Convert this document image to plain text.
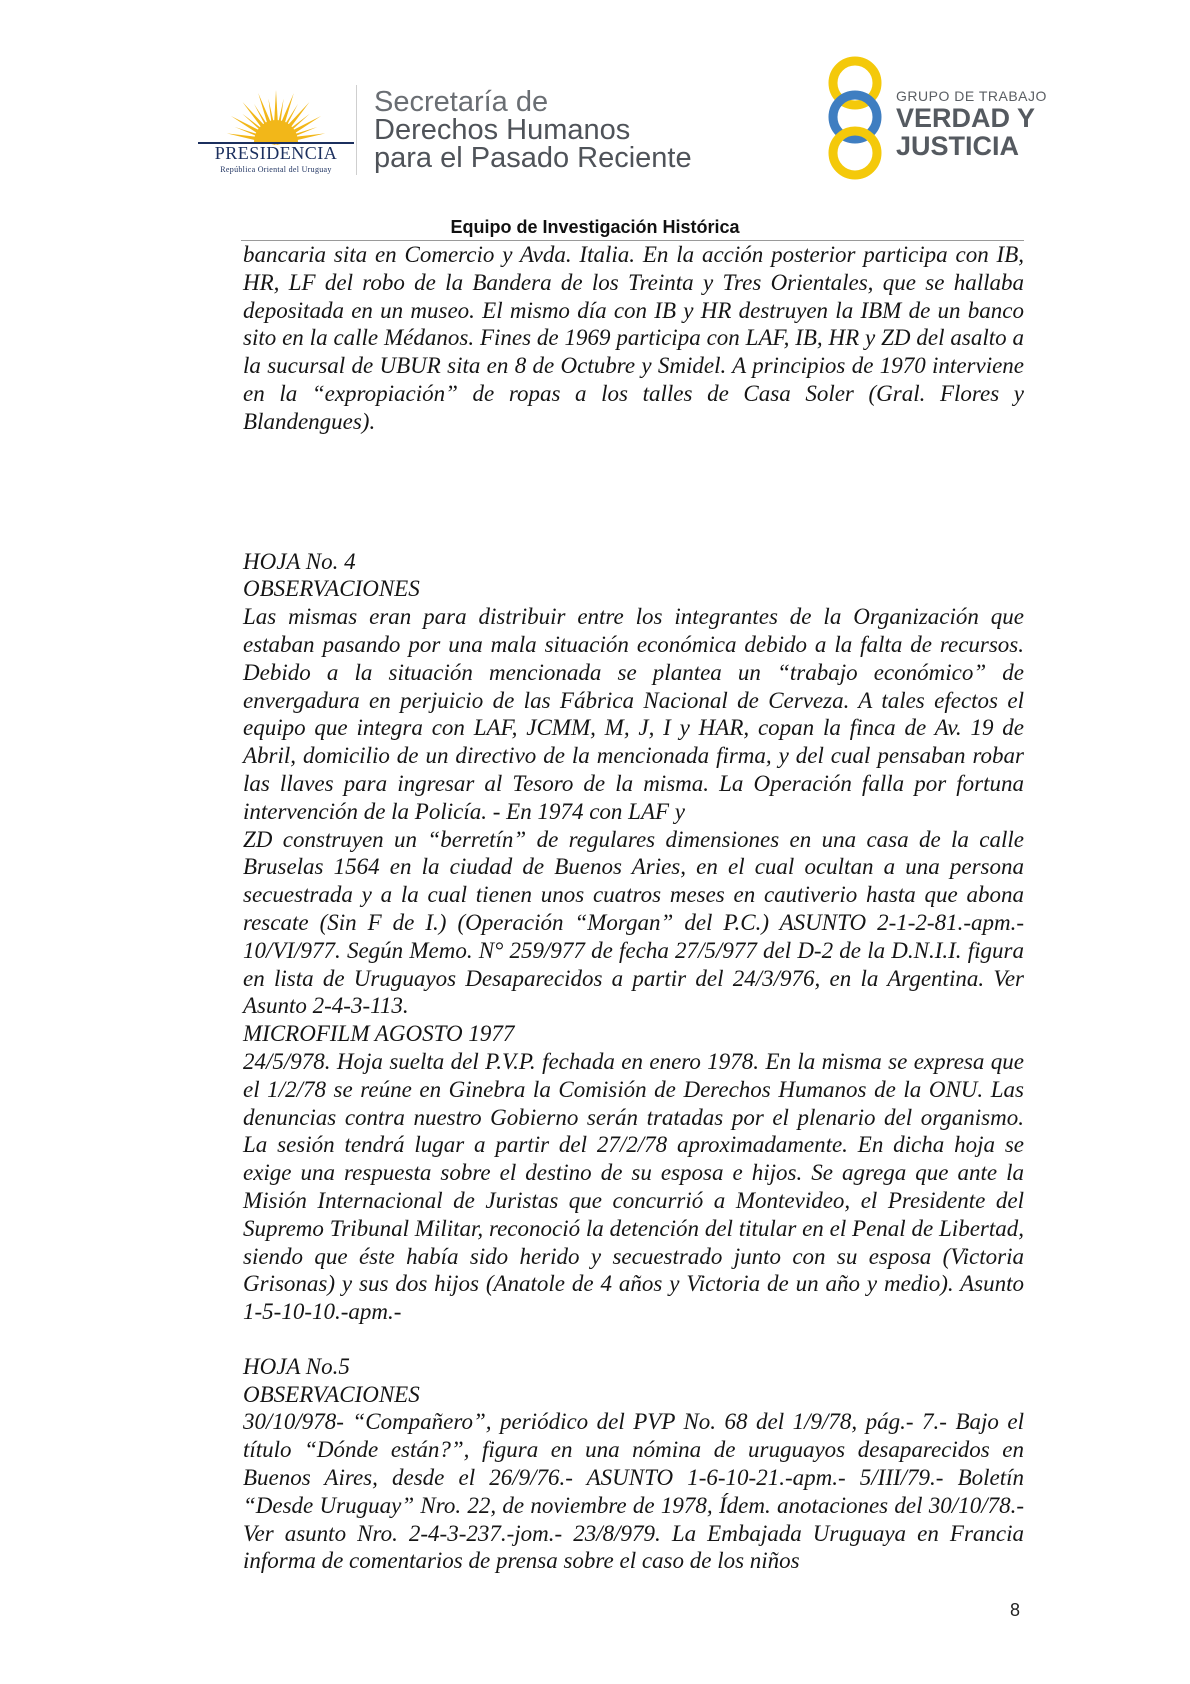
PRESIDENCIA
República Oriental del Uruguay
Secretaría de
Derechos Humanos
para el Pasado Reciente
GRUPO DE TRABAJO
VERDAD Y
JUSTICIA
Equipo de Investigación Histórica

bancaria sita en Comercio y Avda. Italia. En la acción posterior participa con IB, HR, LF del robo de la Bandera de los Treinta y Tres Orientales, que se hallaba depositada en un museo. El mismo día con IB y HR destruyen la IBM de un banco sito en la calle Médanos. Fines de 1969 participa con LAF, IB, HR y ZD del asalto a la sucursal de UBUR sita en 8 de Octubre y Smidel. A principios de 1970 interviene en la “expropiación” de ropas a los talles de Casa Soler (Gral. Flores y Blandengues).

HOJA No. 4

OBSERVACIONES

Las mismas eran para distribuir entre los integrantes de la Organización que estaban pasando por una mala situación económica debido a la falta de recursos. Debido a la situación mencionada se plantea un “trabajo económico” de envergadura en perjuicio de las Fábrica Nacional de Cerveza. A tales efectos el equipo que integra con LAF, JCMM, M, J, I y HAR, copan la finca de Av. 19 de Abril, domicilio de un directivo de la mencionada firma, y del cual pensaban robar las llaves para ingresar al Tesoro de la misma. La Operación falla por fortuna intervención de la Policía. - En 1974 con LAF y

ZD construyen un “berretín” de regulares dimensiones en una casa de la calle Bruselas 1564 en la ciudad de Buenos Aries, en el cual ocultan a una persona secuestrada y a la cual tienen unos cuatros meses en cautiverio hasta que abona rescate (Sin F de I.) (Operación “Morgan” del P.C.) ASUNTO 2-1-2-81.-apm.- 10/VI/977. Según Memo. N° 259/977 de fecha 27/5/977 del D-2 de la D.N.I.I. figura en lista de Uruguayos Desaparecidos a partir del 24/3/976, en la Argentina. Ver Asunto 2-4-3-113.

MICROFILM AGOSTO 1977

24/5/978. Hoja suelta del P.V.P. fechada en enero 1978. En la misma se expresa que el 1/2/78 se reúne en Ginebra la Comisión de Derechos Humanos de la ONU. Las denuncias contra nuestro Gobierno serán tratadas por el plenario del organismo. La sesión tendrá lugar a partir del 27/2/78 aproximadamente. En dicha hoja se exige una respuesta sobre el destino de su esposa e hijos. Se agrega que ante la Misión Internacional de Juristas que concurrió a Montevideo, el Presidente del Supremo Tribunal Militar, reconoció la detención del titular en el Penal de Libertad, siendo que éste había sido herido y secuestrado junto con su esposa (Victoria Grisonas) y sus dos hijos (Anatole de 4 años y Victoria de un año y medio). Asunto 1-5-10-10.-apm.-

HOJA No.5

OBSERVACIONES

30/10/978- “Compañero”, periódico del PVP No. 68 del 1/9/78, pág.- 7.- Bajo el título “Dónde están?”, figura en una nómina de uruguayos desaparecidos en Buenos Aires, desde el 26/9/76.- ASUNTO 1-6-10-21.-apm.- 5/III/79.- Boletín “Desde Uruguay” Nro. 22, de noviembre de 1978, Ídem. anotaciones del 30/10/78.- Ver asunto Nro. 2-4-3-237.-jom.- 23/8/979. La Embajada Uruguaya en Francia informa de comentarios de prensa sobre el caso de los niños

8
